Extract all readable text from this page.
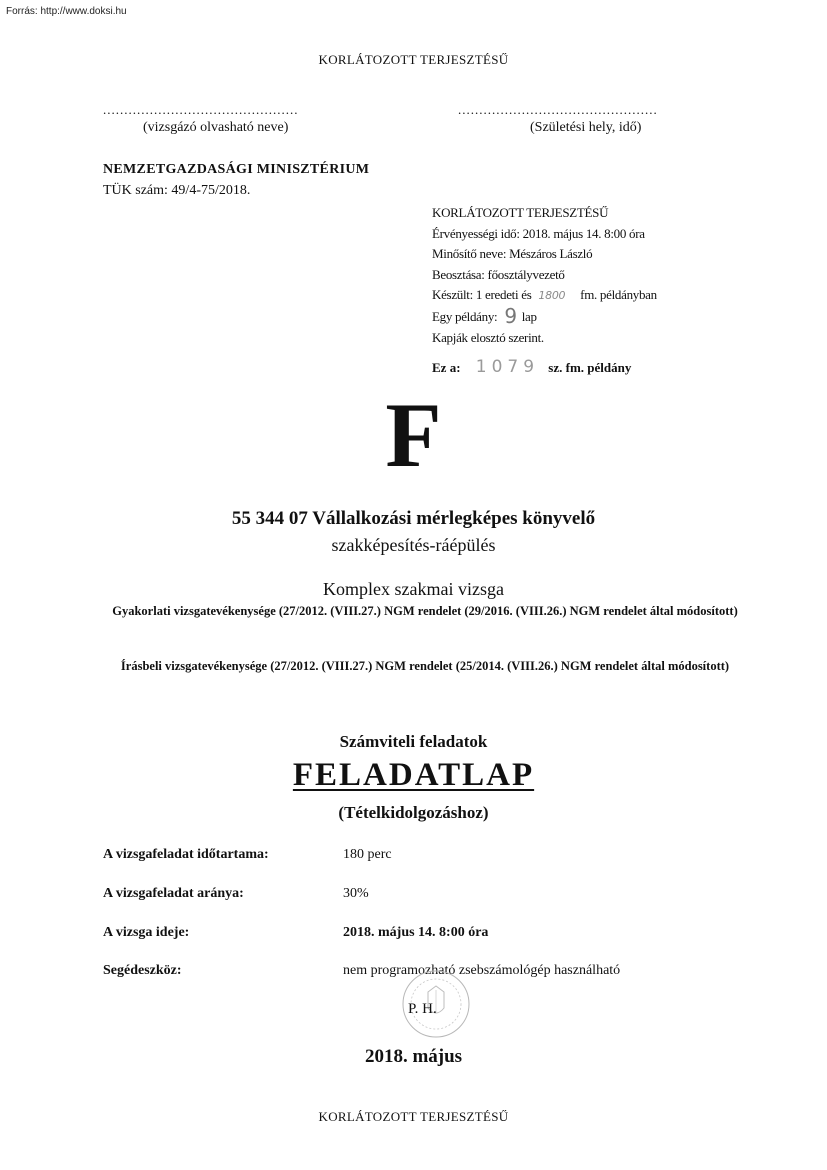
Forrás: http://www.doksi.hu
KORLÁTOZOTT TERJESZTÉSŰ
..............................................
(vizsgázó olvasható neve)
...............................................
(Születési hely, idő)
NEMZETGAZDASÁGI MINISZTÉRIUM
TÜK szám: 49/4-75/2018.
KORLÁTOZOTT TERJESZTÉSŰ
Érvényességi idő: 2018. május 14. 8:00 óra
Minősítő neve: Mészáros László
Beosztása: főosztályvezető
Készült: 1 eredeti és 1800 fm. példányban
Egy példány: 9 lap
Kapják elosztó szerint.
Ez a: 1079 sz. fm. példány
F
55 344 07 Vállalkozási mérlegképes könyvelő
szakképesítés-ráépülés
Komplex szakmai vizsga
Gyakorlati vizsgatevékenysége (27/2012. (VIII.27.) NGM rendelet (29/2016. (VIII.26.) NGM rendelet által módosított)
Írásbeli vizsgatevékenysége (27/2012. (VIII.27.) NGM rendelet (25/2014. (VIII.26.) NGM rendelet által módosított)
Számviteli feladatok
FELADATLAP
(Tételkidolgozáshoz)
A vizsgafeladat időtartama:	180 perc
A vizsgafeladat aránya:	30%
A vizsga ideje:	2018. május 14. 8:00 óra
Segédeszköz:	nem programozható zsebszámológép használható
P. H.
2018. május
KORLÁTOZOTT TERJESZTÉSŰ
